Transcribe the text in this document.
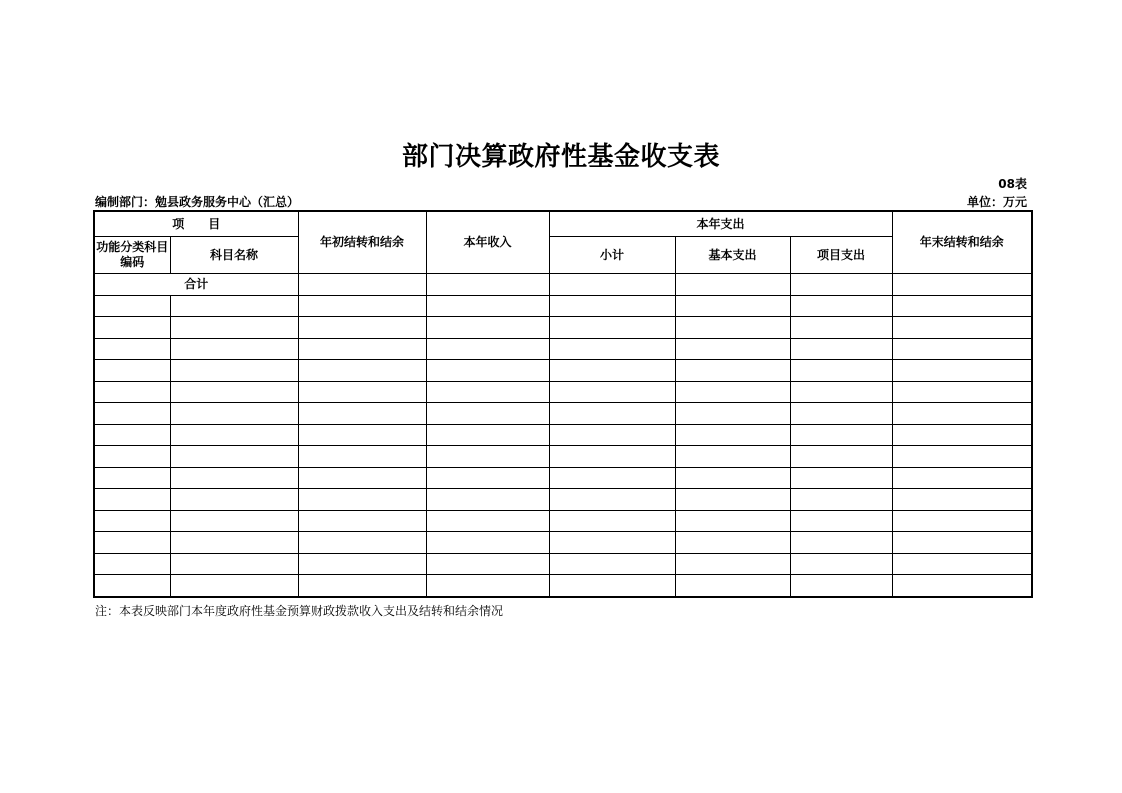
部门决算政府性基金收支表
08表
编制部门：勉县政务服务中心（汇总）	单位：万元
项　　目		年初结转和结余	本年收入	本年支出			年末结转和结余
功能分类科目编码	科目名称			小计	基本支出	项目支出	
合计							

注：本表反映部门本年度政府性基金预算财政拨款收入支出及结转和结余情况
